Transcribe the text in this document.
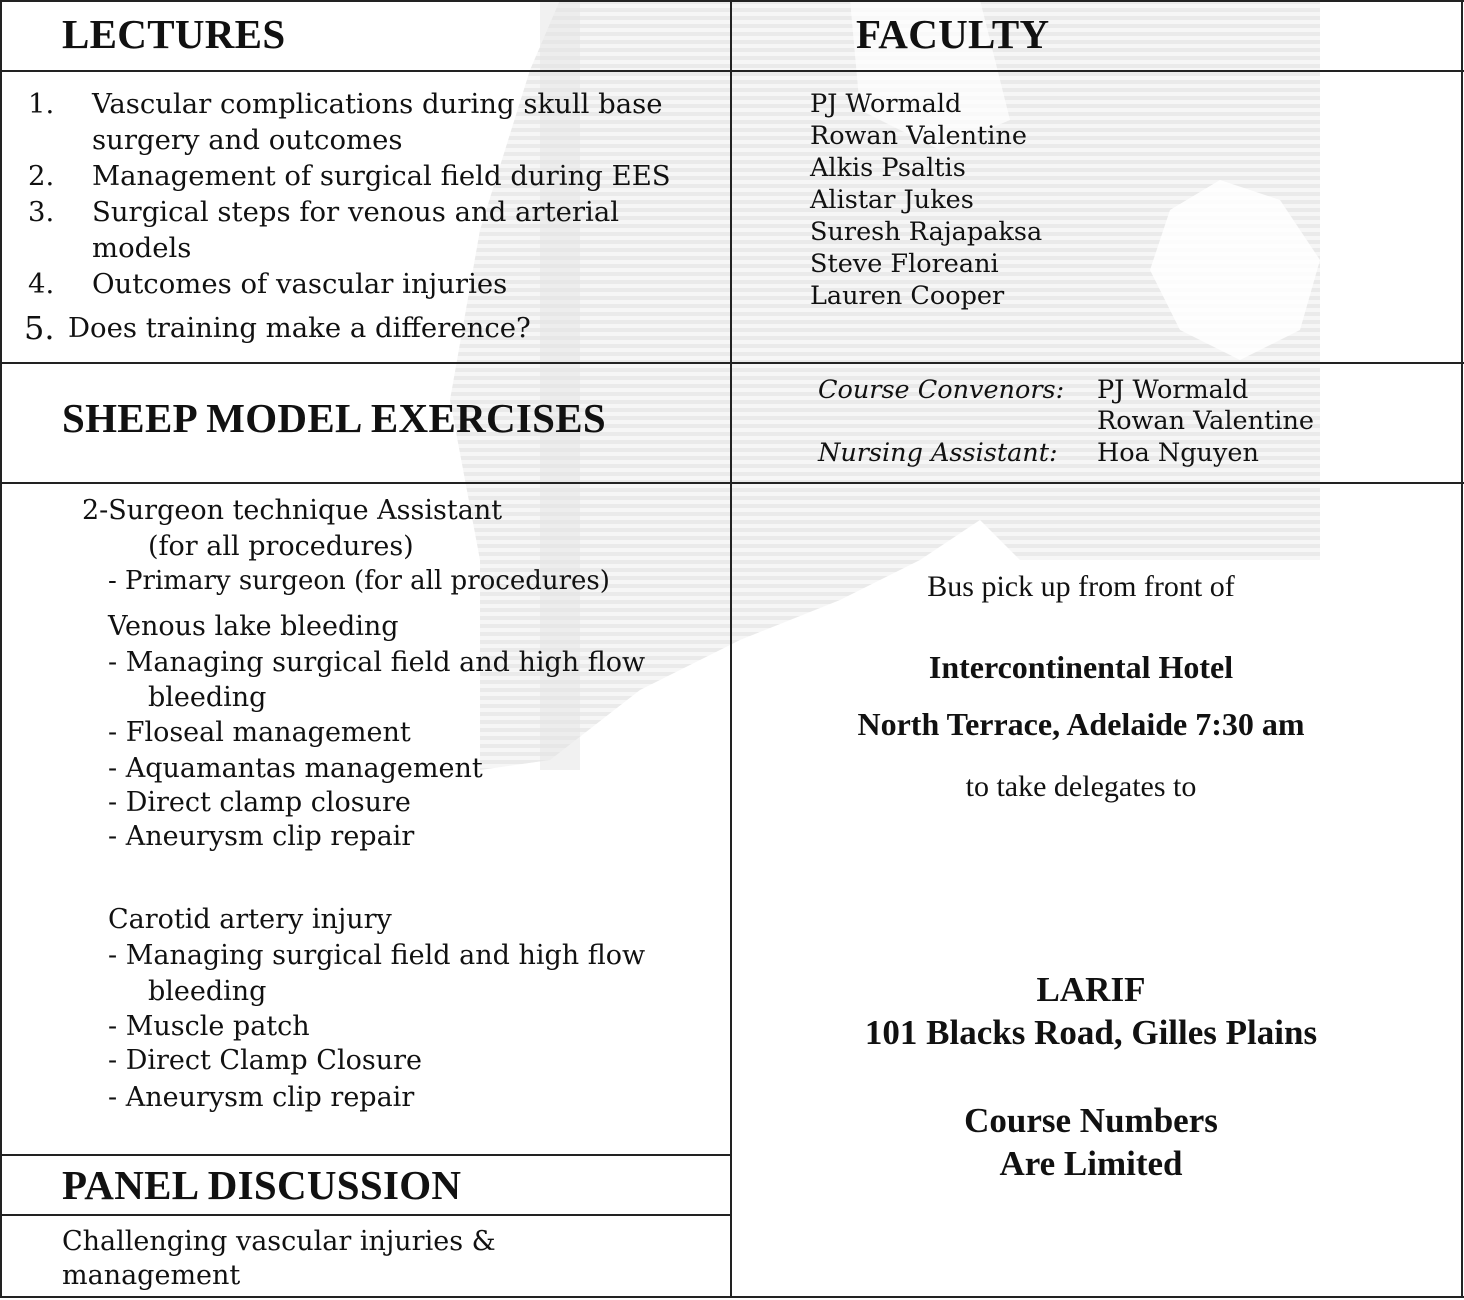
LECTURES	FACULTY
SHEEP MODEL EXERCISES
PANEL DISCUSSION
1. Vascular complications during skull base surgery and outcomes
2. Management of surgical field during EES
3. Surgical steps for venous and arterial models
4. Outcomes of vascular injuries
5. Does training make a difference?
PJ Wormald
Rowan Valentine
Alkis Psaltis
Alistar Jukes
Suresh Rajapaksa
Steve Floreani
Lauren Cooper
Course Convenors: PJ Wormald
Rowan Valentine
Nursing Assistant: Hoa Nguyen
2-Surgeon technique Assistant
(for all procedures)
- Primary surgeon (for all procedures)
Venous lake bleeding
- Managing surgical field and high flow
bleeding
- Floseal management
- Aquamantas management
- Direct clamp closure
- Aneurysm clip repair
Carotid artery injury
- Managing surgical field and high flow
bleeding
- Muscle patch
- Direct Clamp Closure
- Aneurysm clip repair
Challenging vascular injuries &
management
Bus pick up from front of
Intercontinental Hotel
North Terrace, Adelaide 7:30 am
to take delegates to
LARIF
101 Blacks Road, Gilles Plains
Course Numbers
Are Limited
